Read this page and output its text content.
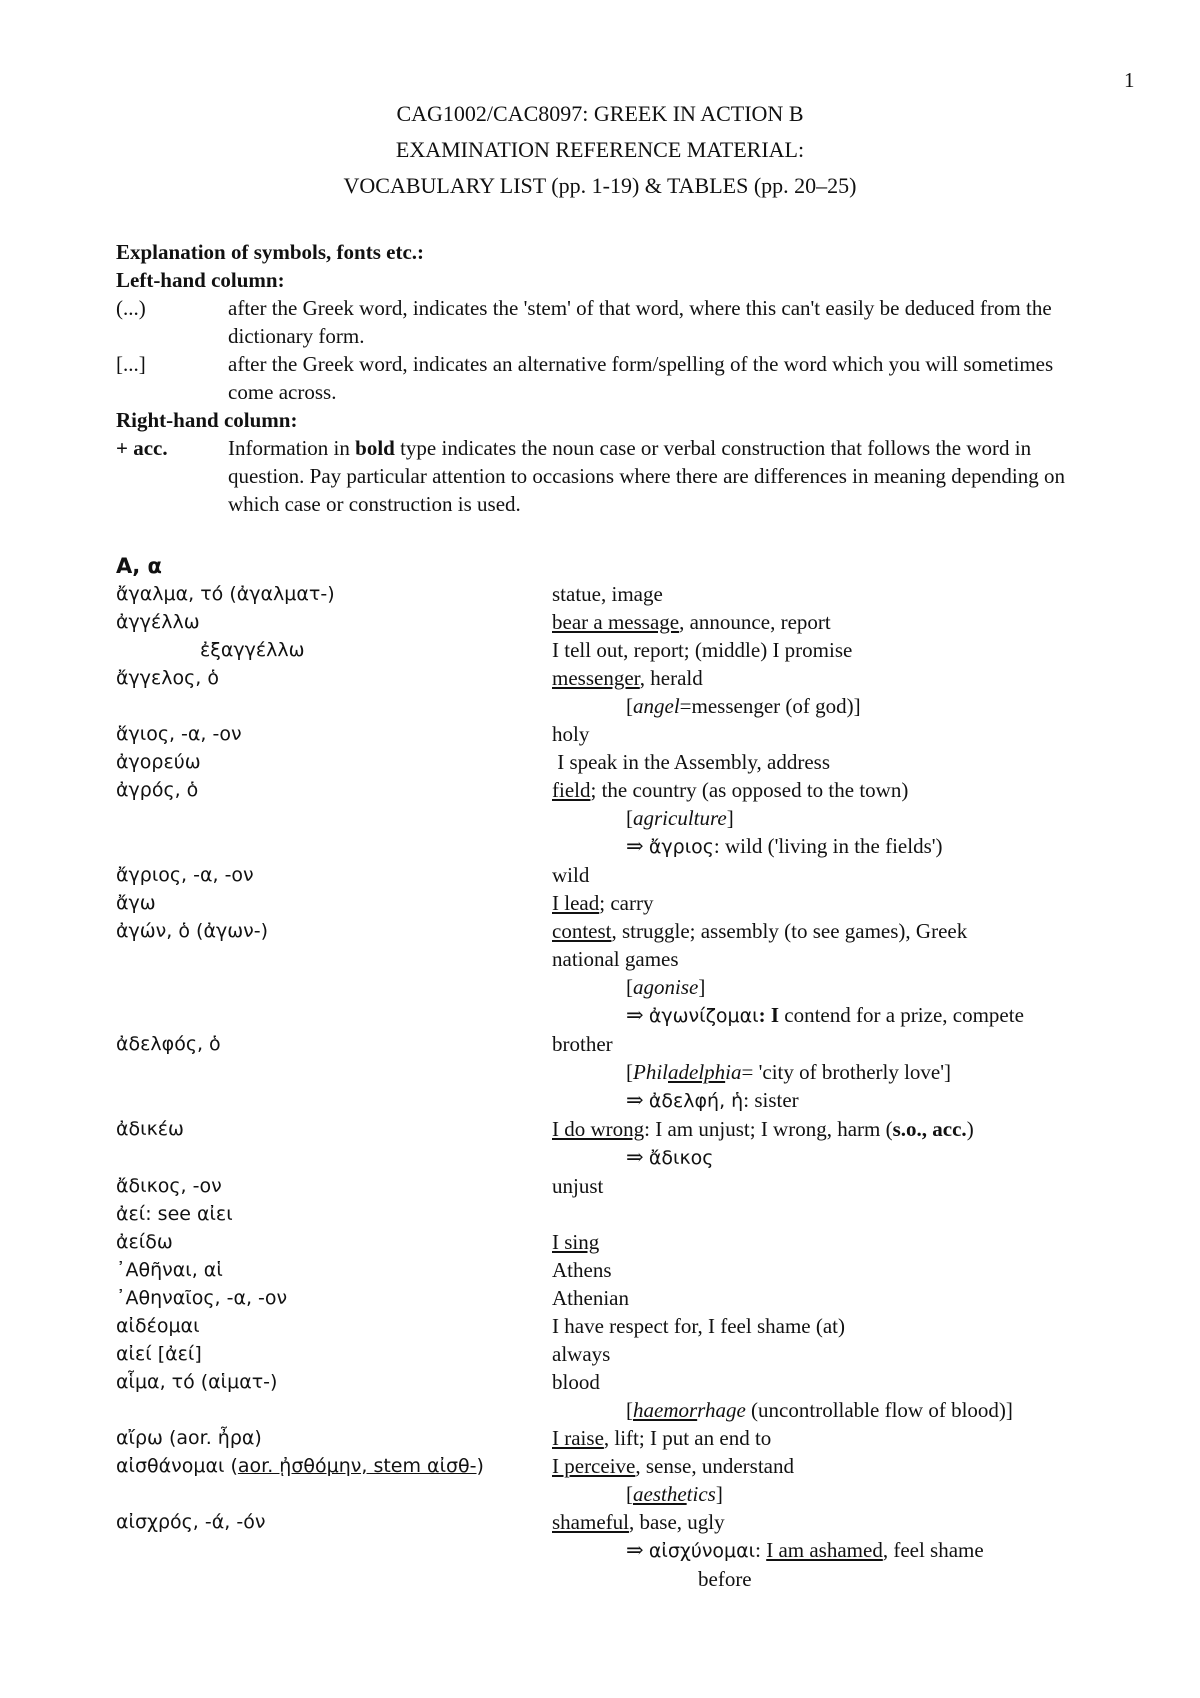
1
CAG1002/CAC8097: GREEK IN ACTION B
EXAMINATION REFERENCE MATERIAL:
VOCABULARY LIST (pp. 1-19) & TABLES (pp. 20–25)
Explanation of symbols, fonts etc.:
Left-hand column:
(...)	after the Greek word, indicates the 'stem' of that word, where this can't easily be deduced from the dictionary form.
[...]	after the Greek word, indicates an alternative form/spelling of the word which you will sometimes come across.
Right-hand column:
+ acc.	Information in bold type indicates the noun case or verbal construction that follows the word in question. Pay particular attention to occasions where there are differences in meaning depending on which case or construction is used.
Α, α
ἄγαλμα, τό (ἀγαλματ-)	statue, image
ἀγγέλλω	bear a message, announce, report
ἐξαγγέλλω	I tell out, report; (middle) I promise
ἄγγελος, ὁ	messenger, herald
[angel=messenger (of god)]
ἅγιος, -α, -ον	holy
ἀγορεύω	I speak in the Assembly, address
ἀγρός, ὁ	field; the country (as opposed to the town)
[agriculture]
⇒ ἄγριος: wild ('living in the fields')
ἄγριος, -α, -ον	wild
ἄγω	I lead; carry
ἀγών, ὁ (ἀγων-)	contest, struggle; assembly (to see games), Greek
national games
[agonise]
⇒ ἀγωνίζομαι: I contend for a prize, compete
ἀδελφός, ὁ	brother
[Philadelphia= 'city of brotherly love']
⇒ ἀδελφή, ἡ: sister
ἀδικέω	I do wrong: I am unjust; I wrong, harm (s.o., acc.)
⇒ ἄδικος
ἄδικος, -ον	unjust
ἀεί: see αἰει
ἀείδω	I sing
᾿Αθῆναι, αἱ	Athens
᾿Αθηναῖος, -α, -ον	Athenian
αἰδέομαι	I have respect for, I feel shame (at)
αἰεί [ἀεί]	always
αἷμα, τό (αἱματ-)	blood
[haemorrhage (uncontrollable flow of blood)]
αἴρω (aor. ἦρα)	I raise, lift; I put an end to
αἰσθάνομαι (aor. ᾐσθόμην, stem αἰσθ-)	I perceive, sense, understand
[aesthetics]
αἰσχρός, -ά, -όν	shameful, base, ugly
⇒ αἰσχύνομαι: I am ashamed, feel shame
before
